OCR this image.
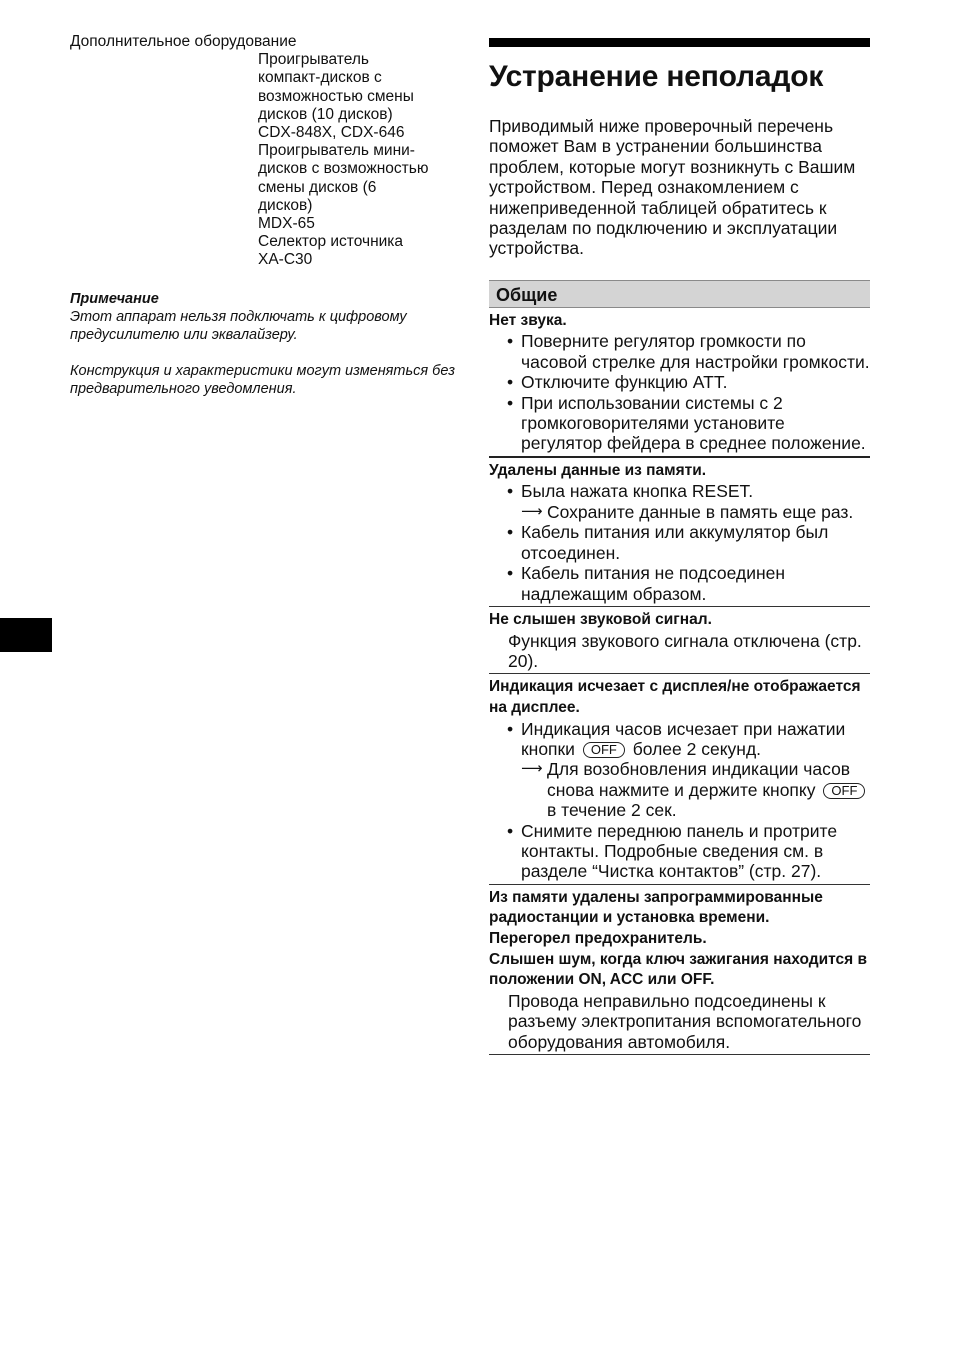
Дополнительное оборудование

Проигрыватель
компакт-дисков с
возможностью смены
дисков (10 дисков)
CDX-848X, CDX-646
Проигрыватель мини-
дисков с возможностью
смены дисков (6
дисков)
MDX-65
Селектор источника
XA-C30

Примечание

Этот аппарат нельзя подключать к цифровому предусилителю или эквалайзеру.

Конструкция и характеристики могут изменяться без предварительного уведомления.

Устранение неполадок

Приводимый ниже проверочный перечень поможет Вам в устранении большинства проблем, которые могут возникнуть с Вашим устройством. Перед ознакомлением с нижеприведенной таблицей обратитесь к разделам по подключению и эксплуатации устройства.

Общие

Нет звука.

• Поверните регулятор громкости по часовой стрелке для настройки громкости.
• Отключите функцию ATT.
• При использовании системы с 2 громкоговорителями установите регулятор фейдера в среднее положение.

Удалены данные из памяти.

• Была нажата кнопка RESET.
⟶ Сохраните данные в память еще раз.
• Кабель питания или аккумулятор был отсоединен.
• Кабель питания не подсоединен надлежащим образом.

Не слышен звуковой сигнал.

Функция звукового сигнала отключена (стр. 20).

Индикация исчезает с дисплея/не отображается на дисплее.

• Индикация часов исчезает при нажатии кнопки OFF более 2 секунд.
⟶ Для возобновления индикации часов снова нажмите и держите кнопку OFF в течение 2 сек.
• Снимите переднюю панель и протрите контакты. Подробные сведения см. в разделе “Чистка контактов” (стр. 27).

Из памяти удалены запрограммированные радиостанции и установка времени.

Перегорел предохранитель.

Слышен шум, когда ключ зажигания находится в положении ON, ACC или OFF.

Провода неправильно подсоединены к разъему электропитания вспомогательного оборудования автомобиля.
